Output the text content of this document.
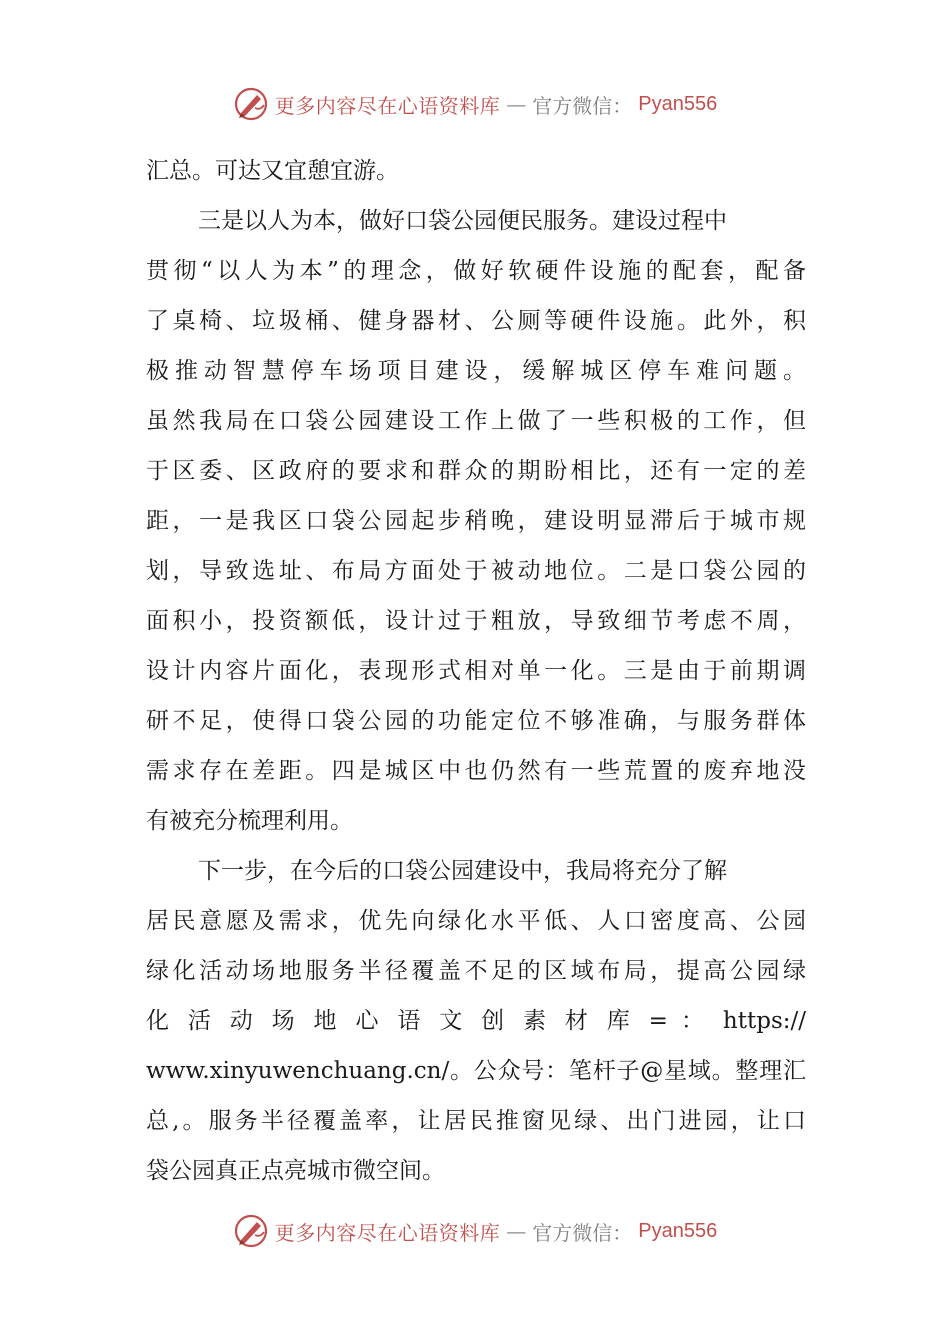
更多内容尽在心语资料库 — 官方微信： Pyan556
汇总。可达又宜憩宜游。
三是以人为本，做好口袋公园便民服务。建设过程中
贯彻“以人为本”的理念，做好软硬件设施的配套，配备
了桌椅、垃圾桶、健身器材、公厕等硬件设施。此外，积
极推动智慧停车场项目建设，缓解城区停车难问题。
虽然我局在口袋公园建设工作上做了一些积极的工作，但
于区委、区政府的要求和群众的期盼相比，还有一定的差
距，一是我区口袋公园起步稍晚，建设明显滞后于城市规
划，导致选址、布局方面处于被动地位。二是口袋公园的
面积小，投资额低，设计过于粗放，导致细节考虑不周，
设计内容片面化，表现形式相对单一化。三是由于前期调
研不足，使得口袋公园的功能定位不够准确，与服务群体
需求存在差距。四是城区中也仍然有一些荒置的废弃地没
有被充分梳理利用。
下一步，在今后的口袋公园建设中，我局将充分了解
居民意愿及需求，优先向绿化水平低、人口密度高、公园
绿化活动场地服务半径覆盖不足的区域布局，提高公园绿
化 活 动 场 地 心 语 文 创 素 材 库 = ： https://
www.xinyuwenchuang.cn/。公众号：笔杆子@星域。整理汇
总,。服务半径覆盖率，让居民推窗见绿、出门进园，让口
袋公园真正点亮城市微空间。
更多内容尽在心语资料库 — 官方微信： Pyan556
